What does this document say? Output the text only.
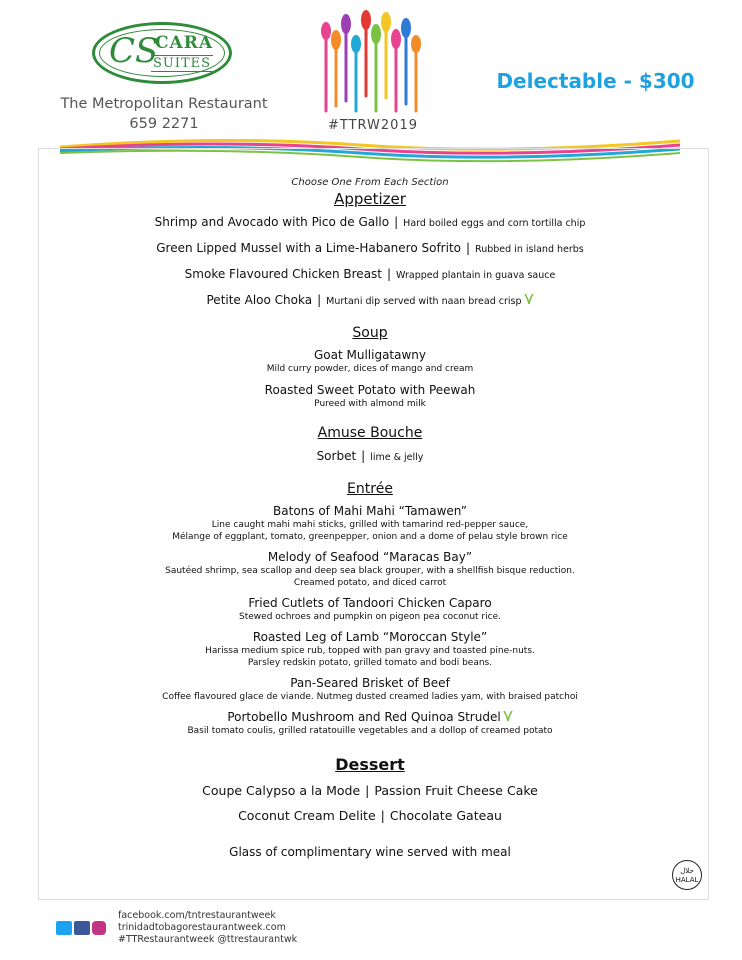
CS
CARA
SUITES
The Metropolitan Restaurant
659 2271	#TTRW2019
Delectable - $300

Choose One From Each Section

Appetizer

Shrimp and Avocado with Pico de Gallo | Hard boiled eggs and corn tortilla chip

Green Lipped Mussel with a Lime-Habanero Sofrito | Rubbed in island herbs

Smoke Flavoured Chicken Breast | Wrapped plantain in guava sauce

Petite Aloo Choka | Murtani dip served with naan bread crisp

Soup

Goat Mulligatawny

Mild curry powder, dices of mango and cream

Roasted Sweet Potato with Peewah

Pureed with almond milk

Amuse Bouche

Sorbet | lime & jelly

Entrée

Batons of Mahi Mahi “Tamawen”

Line caught mahi mahi sticks, grilled with tamarind red-pepper sauce,

Mélange of eggplant, tomato, greenpepper, onion and a dome of pelau style brown rice

Melody of Seafood “Maracas Bay”

Sautéed shrimp, sea scallop and deep sea black grouper, with a shellfish bisque reduction.

Creamed potato, and diced carrot

Fried Cutlets of Tandoori Chicken Caparo

Stewed ochroes and pumpkin on pigeon pea coconut rice.

Roasted Leg of Lamb “Moroccan Style”

Harissa medium spice rub, topped with pan gravy and toasted pine-nuts.

Parsley redskin potato, grilled tomato and bodi beans.

Pan-Seared Brisket of Beef

Coffee flavoured glace de viande. Nutmeg dusted creamed ladies yam, with braised patchoi

Portobello Mushroom and Red Quinoa Strudel

Basil tomato coulis, grilled ratatouille vegetables and a dollop of creamed potato

Dessert

Coupe Calypso a la Mode | Passion Fruit Cheese Cake

Coconut Cream Delite | Chocolate Gateau

Glass of complimentary wine served with meal

حلال
HALAL
facebook.com/tntrestaurantweek
trinidadtobagorestaurantweek.com
#TTRestaurantweek @ttrestaurantwk
